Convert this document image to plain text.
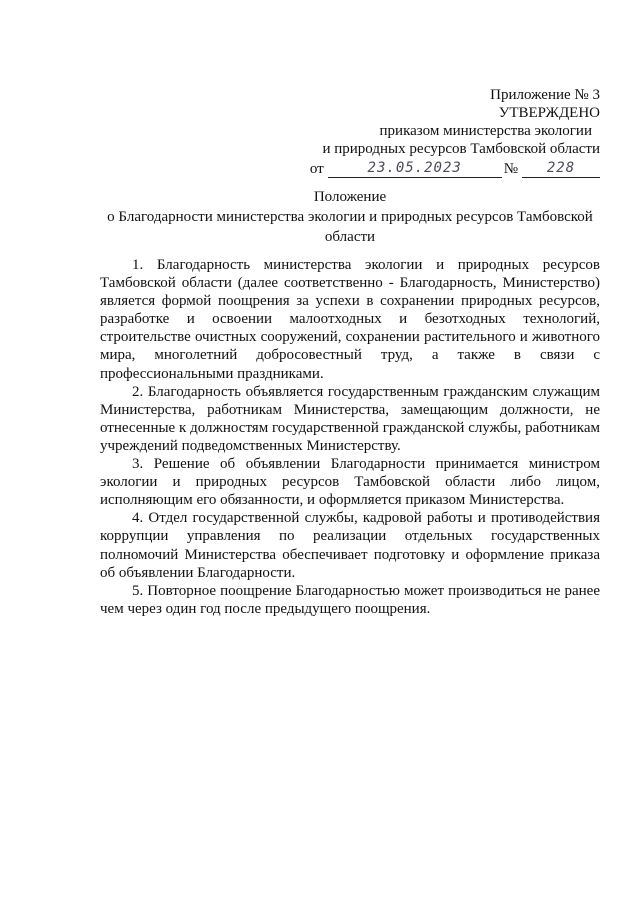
Приложение № 3
УТВЕРЖДЕНО
приказом министерства экологии
и природных ресурсов Тамбовской области
от	23.05.2023	№	228
Положение
о Благодарности министерства экологии и природных ресурсов Тамбовской
области

1. Благодарность министерства экологии и природных ресурсов Тамбовской области (далее соответственно - Благодарность, Министерство) является формой поощрения за успехи в сохранении природных ресурсов, разработке и освоении малоотходных и безотходных технологий, строительстве очистных сооружений, сохранении растительного и животного мира, многолетний добросовестный труд, а также в связи с профессиональными праздниками.

2. Благодарность объявляется государственным гражданским служащим Министерства, работникам Министерства, замещающим должности, не отнесенные к должностям государственной гражданской службы, работникам учреждений подведомственных Министерству.

3. Решение об объявлении Благодарности принимается министром экологии и природных ресурсов Тамбовской области либо лицом, исполняющим его обязанности, и оформляется приказом Министерства.

4. Отдел государственной службы, кадровой работы и противодействия коррупции управления по реализации отдельных государственных полномочий Министерства обеспечивает подготовку и оформление приказа об объявлении Благодарности.

5. Повторное поощрение Благодарностью может производиться не ранее чем через один год после предыдущего поощрения.
